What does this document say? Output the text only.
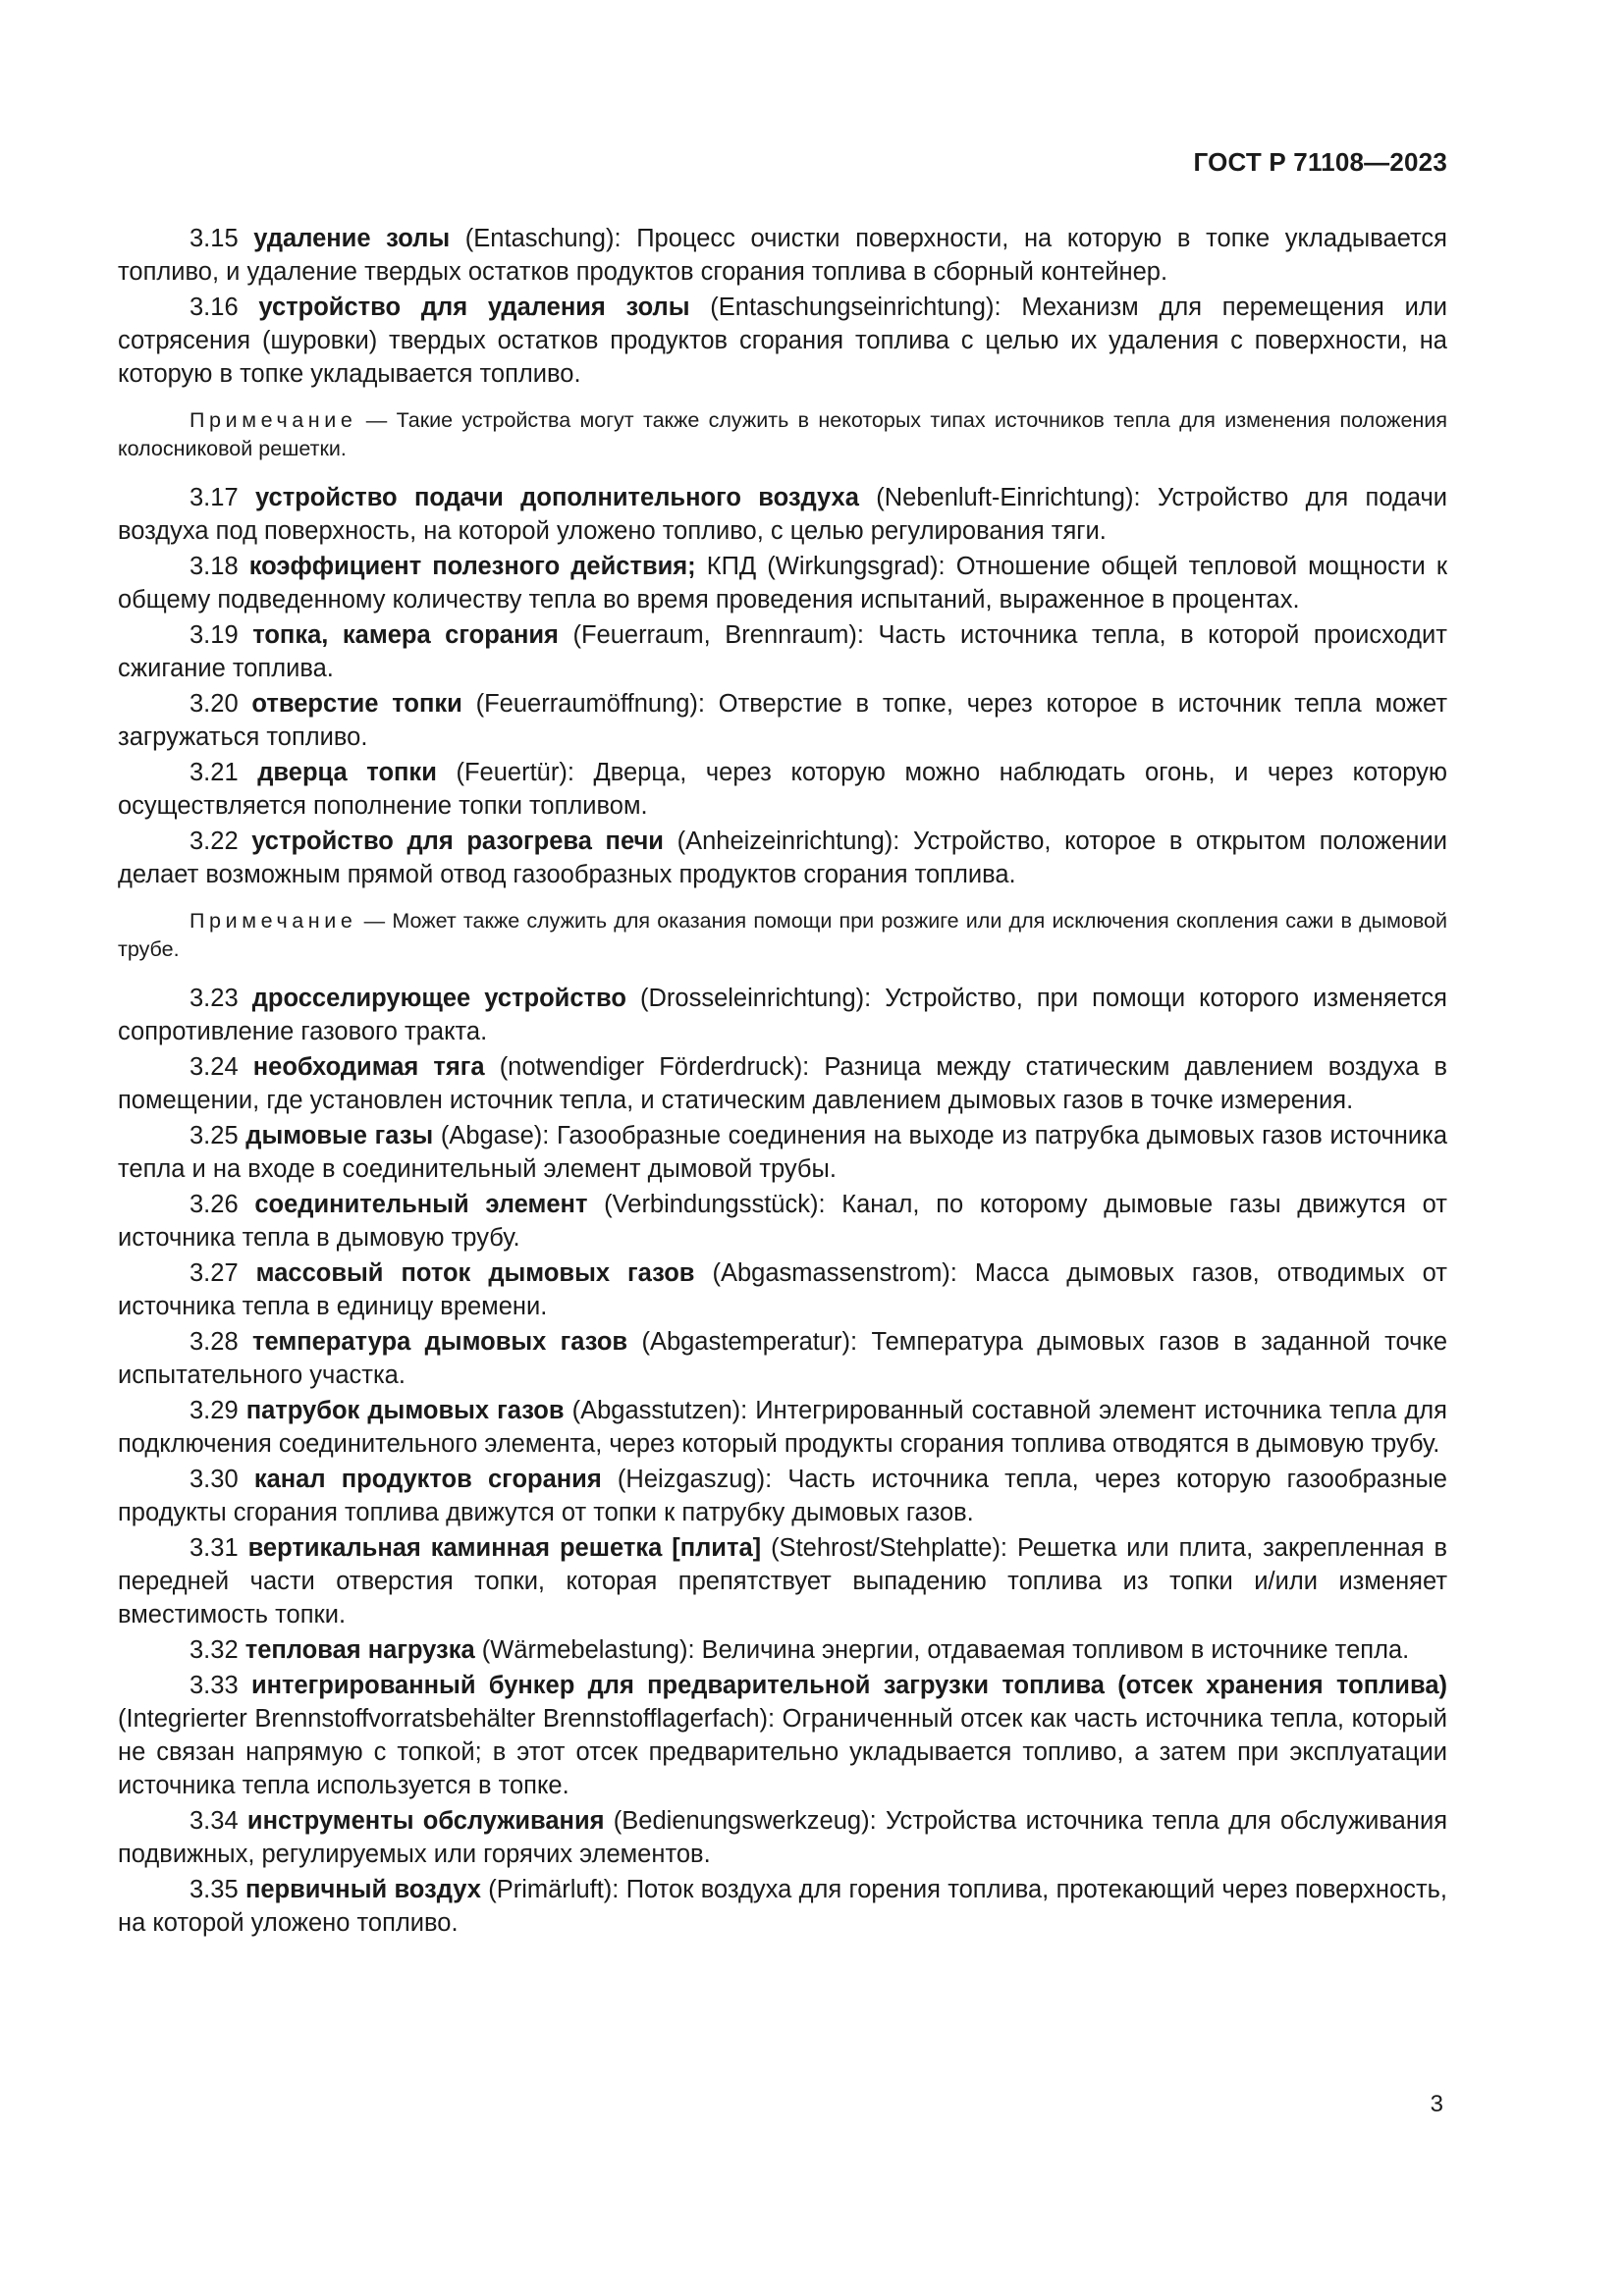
ГОСТ Р 71108—2023

3.15 удаление золы (Entaschung): Процесс очистки поверхности, на которую в топке укладывается топливо, и удаление твердых остатков продуктов сгорания топлива в сборный контейнер.

3.16 устройство для удаления золы (Entaschungseinrichtung): Механизм для перемещения или сотрясения (шуровки) твердых остатков продуктов сгорания топлива с целью их удаления с поверхности, на которую в топке укладывается топливо.

Примечание — Такие устройства могут также служить в некоторых типах источников тепла для изменения положения колосниковой решетки.

3.17 устройство подачи дополнительного воздуха (Nebenluft-Einrichtung): Устройство для подачи воздуха под поверхность, на которой уложено топливо, с целью регулирования тяги.

3.18 коэффициент полезного действия; КПД (Wirkungsgrad): Отношение общей тепловой мощности к общему подведенному количеству тепла во время проведения испытаний, выраженное в процентах.

3.19 топка, камера сгорания (Feuerraum, Brennraum): Часть источника тепла, в которой происходит сжигание топлива.

3.20 отверстие топки (Feuerraumöffnung): Отверстие в топке, через которое в источник тепла может загружаться топливо.

3.21 дверца топки (Feuertür): Дверца, через которую можно наблюдать огонь, и через которую осуществляется пополнение топки топливом.

3.22 устройство для разогрева печи (Anheizeinrichtung): Устройство, которое в открытом положении делает возможным прямой отвод газообразных продуктов сгорания топлива.

Примечание — Может также служить для оказания помощи при розжиге или для исключения скопления сажи в дымовой трубе.

3.23 дросселирующее устройство (Drosseleinrichtung): Устройство, при помощи которого изменяется сопротивление газового тракта.

3.24 необходимая тяга (notwendiger Förderdruck): Разница между статическим давлением воздуха в помещении, где установлен источник тепла, и статическим давлением дымовых газов в точке измерения.

3.25 дымовые газы (Abgase): Газообразные соединения на выходе из патрубка дымовых газов источника тепла и на входе в соединительный элемент дымовой трубы.

3.26 соединительный элемент (Verbindungsstück): Канал, по которому дымовые газы движутся от источника тепла в дымовую трубу.

3.27 массовый поток дымовых газов (Abgasmassenstrom): Масса дымовых газов, отводимых от источника тепла в единицу времени.

3.28 температура дымовых газов (Abgastemperatur): Температура дымовых газов в заданной точке испытательного участка.

3.29 патрубок дымовых газов (Abgasstutzen): Интегрированный составной элемент источника тепла для подключения соединительного элемента, через который продукты сгорания топлива отводятся в дымовую трубу.

3.30 канал продуктов сгорания (Heizgaszug): Часть источника тепла, через которую газообразные продукты сгорания топлива движутся от топки к патрубку дымовых газов.

3.31 вертикальная каминная решетка [плита] (Stehrost/Stehplatte): Решетка или плита, закрепленная в передней части отверстия топки, которая препятствует выпадению топлива из топки и/или изменяет вместимость топки.

3.32 тепловая нагрузка (Wärmebelastung): Величина энергии, отдаваемая топливом в источнике тепла.

3.33 интегрированный бункер для предварительной загрузки топлива (отсек хранения топлива) (Integrierter Brennstoffvorratsbehälter Brennstofflagerfach): Ограниченный отсек как часть источника тепла, который не связан напрямую с топкой; в этот отсек предварительно укладывается топливо, а затем при эксплуатации источника тепла используется в топке.

3.34 инструменты обслуживания (Bedienungswerkzeug): Устройства источника тепла для обслуживания подвижных, регулируемых или горячих элементов.

3.35 первичный воздух (Primärluft): Поток воздуха для горения топлива, протекающий через поверхность, на которой уложено топливо.

3
